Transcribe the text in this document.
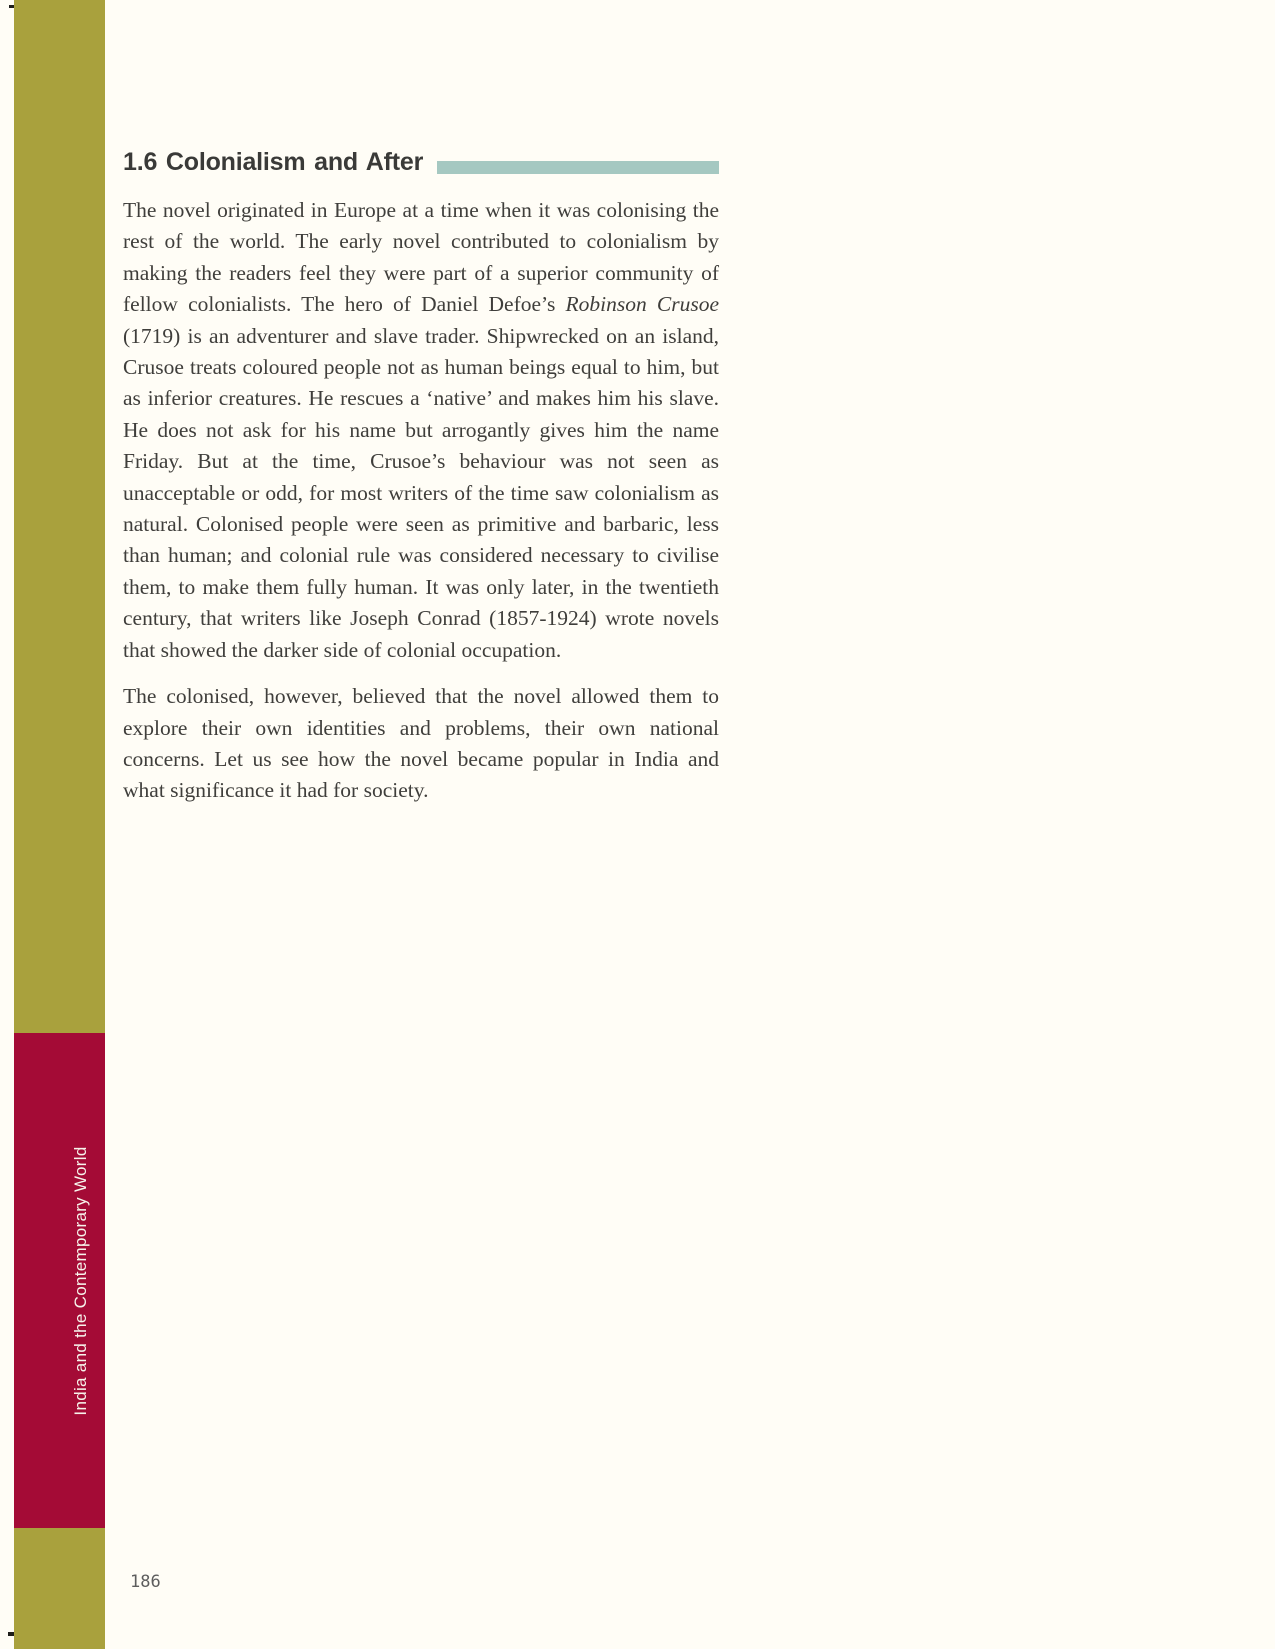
India and the Contemporary World
1.6 Colonialism and After

The novel originated in Europe at a time when it was colonising the rest of the world. The early novel contributed to colonialism by making the readers feel they were part of a superior community of fellow colonialists. The hero of Daniel Defoe’s Robinson Crusoe (1719) is an adventurer and slave trader. Shipwrecked on an island, Crusoe treats coloured people not as human beings equal to him, but as inferior creatures. He rescues a ‘native’ and makes him his slave. He does not ask for his name but arrogantly gives him the name Friday. But at the time, Crusoe’s behaviour was not seen as unacceptable or odd, for most writers of the time saw colonialism as natural. Colonised people were seen as primitive and barbaric, less than human; and colonial rule was considered necessary to civilise them, to make them fully human. It was only later, in the twentieth century, that writers like Joseph Conrad (1857-1924) wrote novels that showed the darker side of colonial occupation.

The colonised, however, believed that the novel allowed them to explore their own identities and problems, their own national concerns. Let us see how the novel became popular in India and what significance it had for society.

186
